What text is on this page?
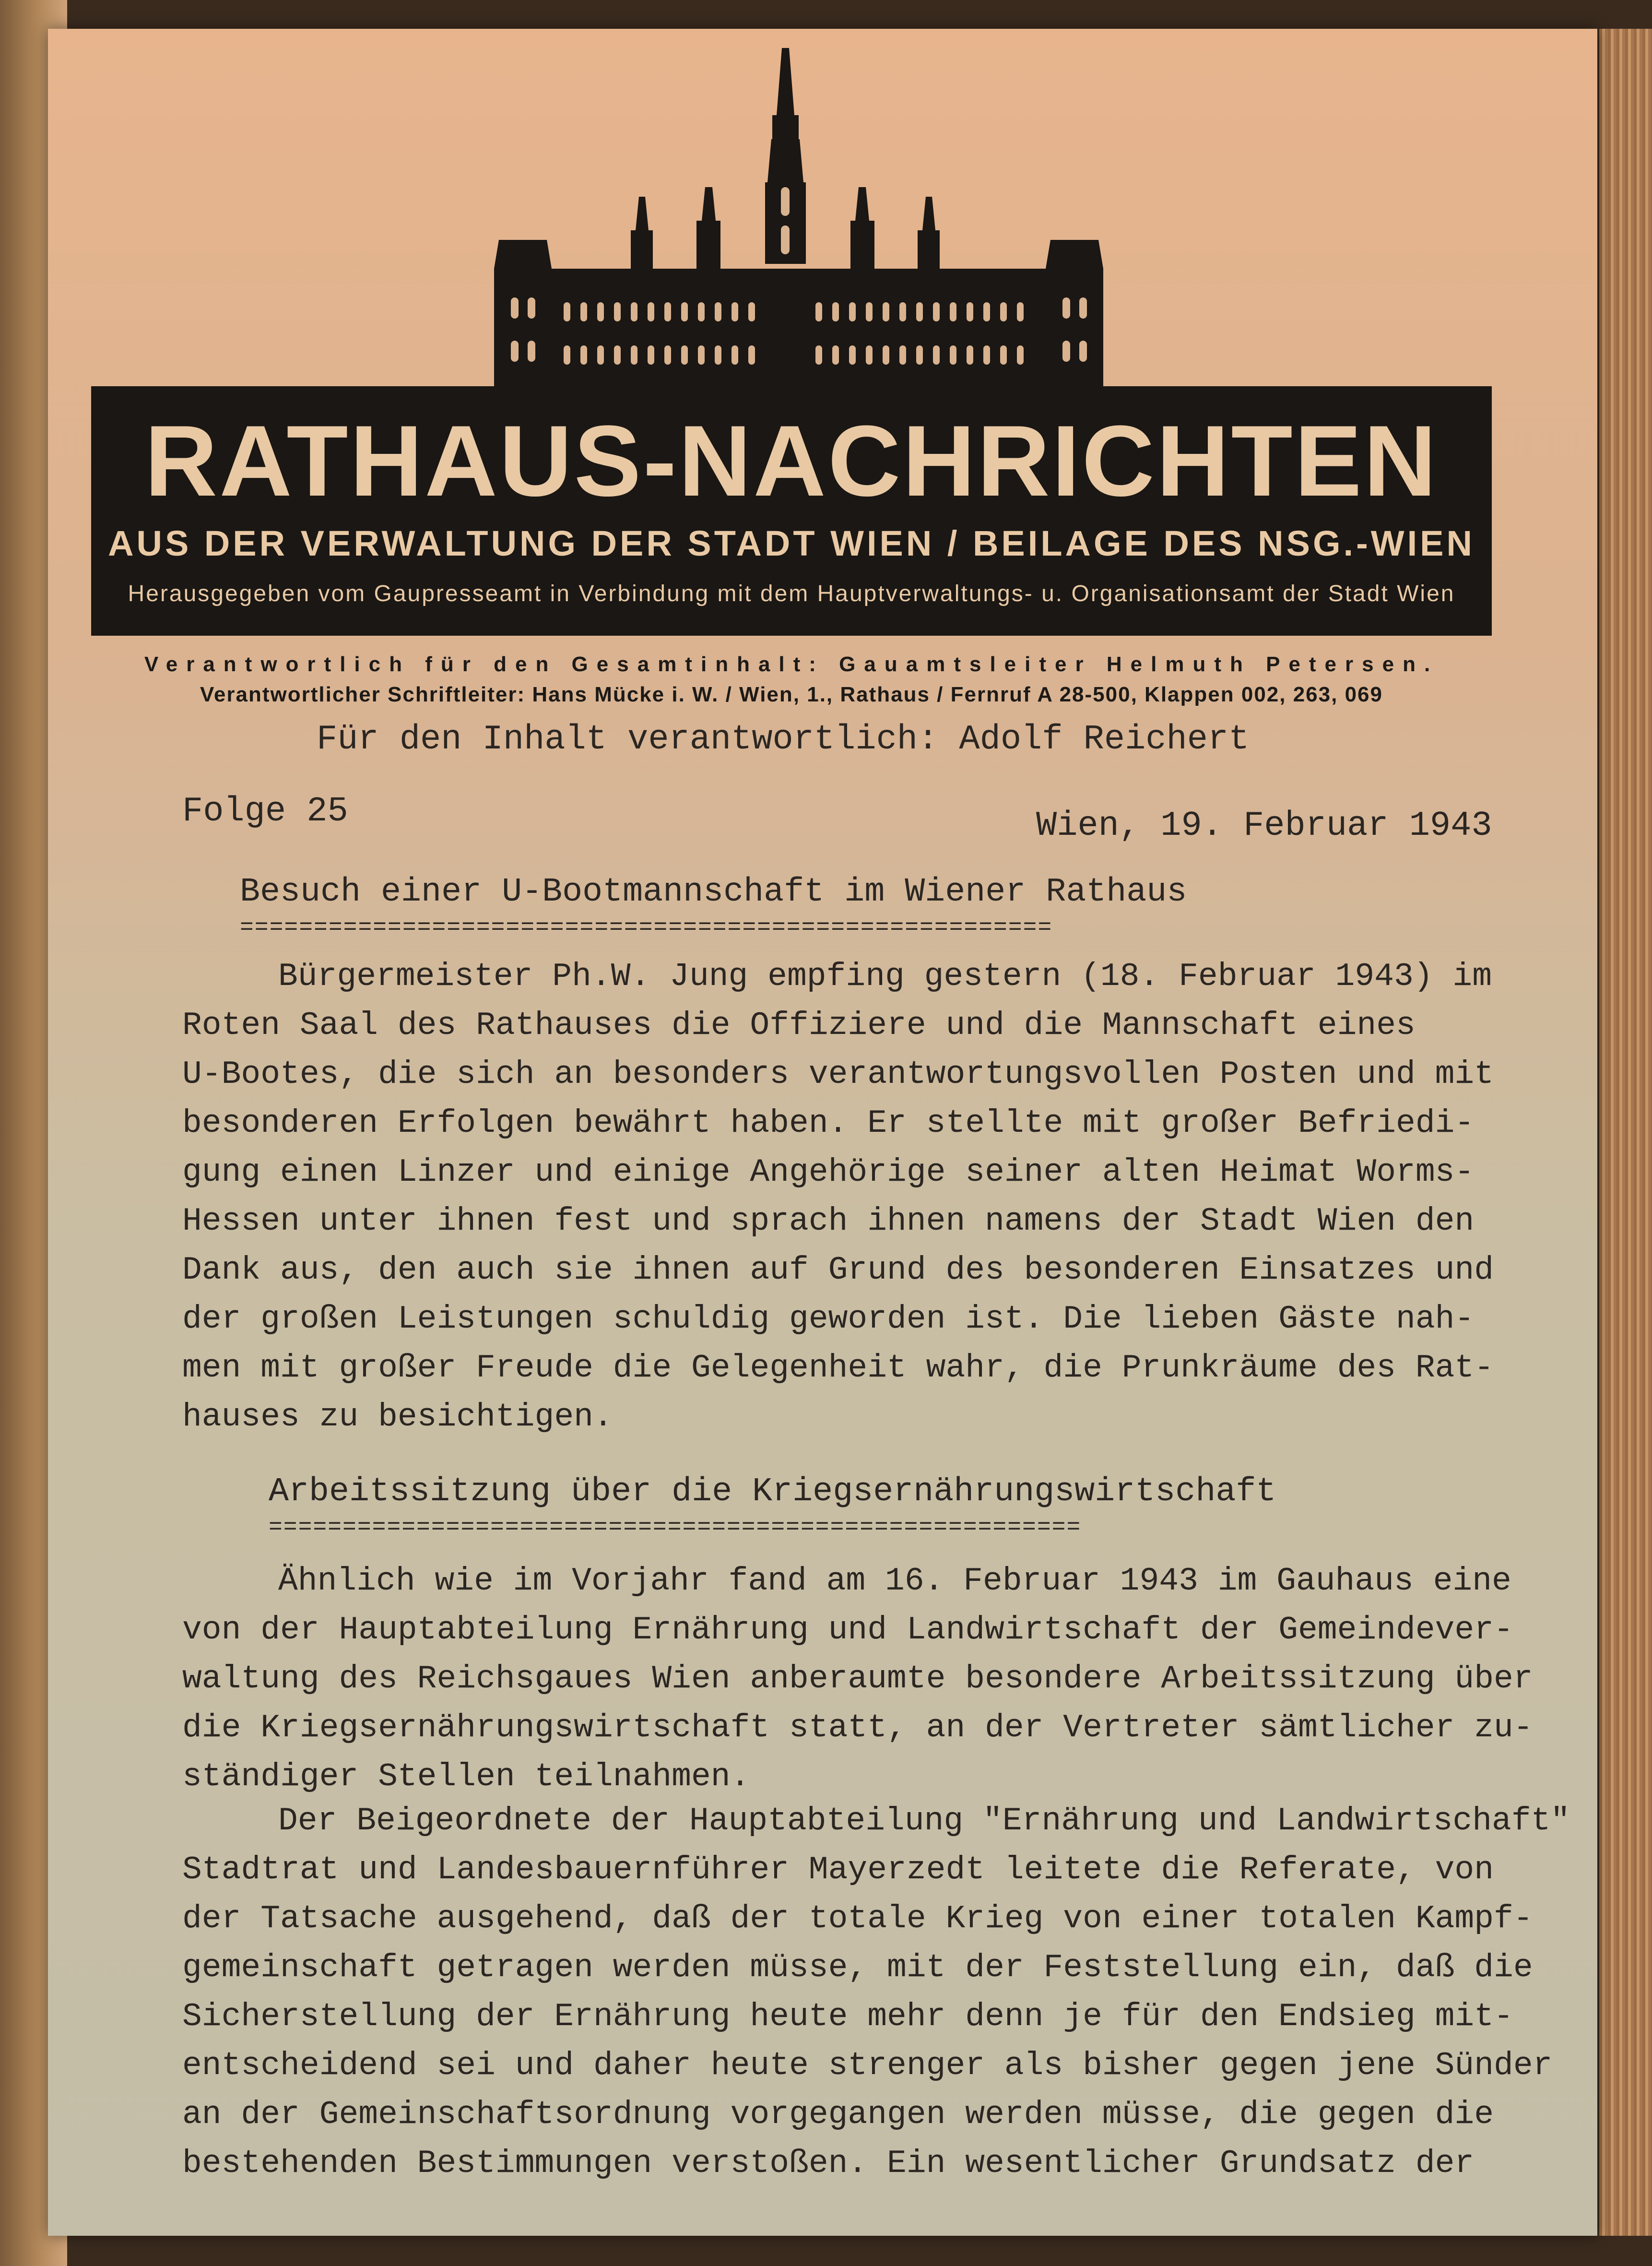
RATHAUS-NACHRICHTEN
AUS DER VERWALTUNG DER STADT WIEN / BEILAGE DES NSG.-WIEN
Herausgegeben vom Gaupresseamt in Verbindung mit dem Hauptverwaltungs- u. Organisationsamt der Stadt Wien
Verantwortlich für den Gesamtinhalt: Gauamtsleiter Helmuth Petersen.
Verantwortlicher Schriftleiter: Hans Mücke i. W. / Wien, 1., Rathaus / Fernruf A 28-500, Klappen 002, 263, 069
Für den Inhalt verantwortlich: Adolf Reichert
Folge 25	Wien, 19. Februar 1943
Besuch einer U-Bootmannschaft im Wiener Rathaus
=======================================================
Bürgermeister Ph.W. Jung empfing gestern (18. Februar 1943) im
Roten Saal des Rathauses die Offiziere und die Mannschaft eines
U-Bootes, die sich an besonders verantwortungsvollen Posten und mit
besonderen Erfolgen bewährt haben. Er stellte mit großer Befriedi-
gung einen Linzer und einige Angehörige seiner alten Heimat Worms-
Hessen unter ihnen fest und sprach ihnen namens der Stadt Wien den
Dank aus, den auch sie ihnen auf Grund des besonderen Einsatzes und
der großen Leistungen schuldig geworden ist. Die lieben Gäste nah-
men mit großer Freude die Gelegenheit wahr, die Prunkräume des Rat-
hauses zu besichtigen.
Arbeitssitzung über die Kriegsernährungswirtschaft
=======================================================
Ähnlich wie im Vorjahr fand am 16. Februar 1943 im Gauhaus eine
von der Hauptabteilung Ernährung und Landwirtschaft der Gemeindever-
waltung des Reichsgaues Wien anberaumte besondere Arbeitssitzung über
die Kriegsernährungswirtschaft statt, an der Vertreter sämtlicher zu-
ständiger Stellen teilnahmen.
Der Beigeordnete der Hauptabteilung "Ernährung und Landwirtschaft"
Stadtrat und Landesbauernführer Mayerzedt leitete die Referate, von
der Tatsache ausgehend, daß der totale Krieg von einer totalen Kampf-
gemeinschaft getragen werden müsse, mit der Feststellung ein, daß die
Sicherstellung der Ernährung heute mehr denn je für den Endsieg mit-
entscheidend sei und daher heute strenger als bisher gegen jene Sünder
an der Gemeinschaftsordnung vorgegangen werden müsse, die gegen die
bestehenden Bestimmungen verstoßen. Ein wesentlicher Grundsatz der
